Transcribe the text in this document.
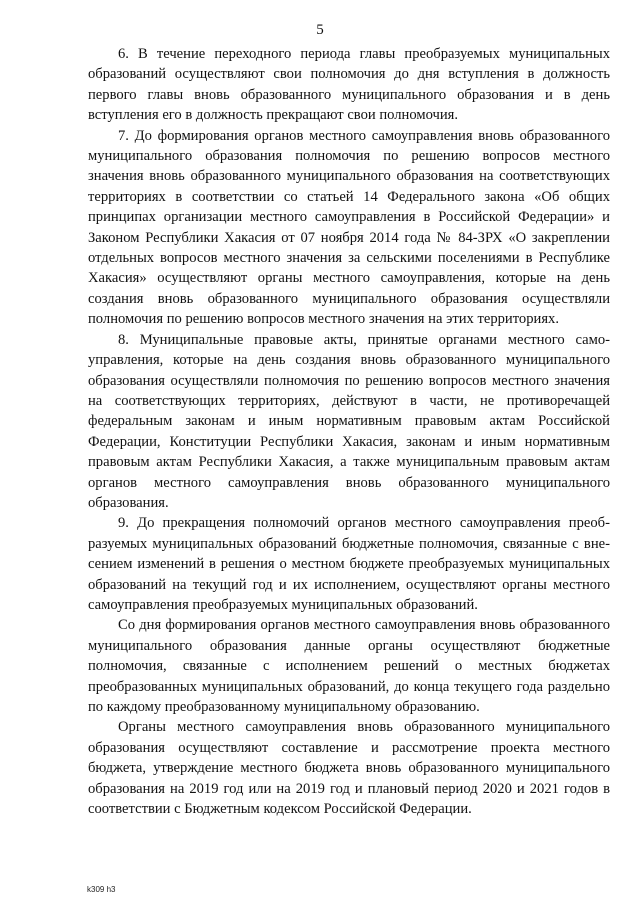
5

6. В течение переходного периода главы преобразуемых муниципальных образований осуществляют свои полномочия до дня вступления в должность первого главы вновь образованного муниципального образования и в день вступления его в должность прекращают свои полномочия.

7. До формирования органов местного самоуправления вновь образованного муниципального образования полномочия по решению вопросов местного значения вновь образованного муниципального образования на соответствующих территориях в соответствии со статьей 14 Федерального закона «Об общих принципах организации местного самоуправления в Российской Федерации» и Законом Республики Хакасия от 07 ноября 2014 года № 84-ЗРХ «О закреплении отдельных вопросов местного значения за сельскими поселениями в Республике Хакасия» осуществляют органы местного самоуправления, которые на день создания вновь образованного муниципального образования осуществляли полномочия по решению вопросов местного значения на этих территориях.

8. Муниципальные правовые акты, принятые органами местного самоуправления, которые на день создания вновь образованного муниципального образования осуществляли полномочия по решению вопросов местного значения на соответствующих территориях, действуют в части, не противоречащей федеральным законам и иным нормативным правовым актам Российской Федерации, Конституции Республики Хакасия, законам и иным нормативным правовым актам Республики Хакасия, а также муниципальным правовым актам органов местного самоуправления вновь образованного муниципального образования.

9. До прекращения полномочий органов местного самоуправления преобразуемых муниципальных образований бюджетные полномочия, связанные с внесением изменений в решения о местном бюджете преобразуемых муниципальных образований на текущий год и их исполнением, осуществляют органы местного самоуправления преобразуемых муниципальных образований.

Со дня формирования органов местного самоуправления вновь образованного муниципального образования данные органы осуществляют бюджетные полномочия, связанные с исполнением решений о местных бюджетах преобразованных муниципальных образований, до конца текущего года раздельно по каждому преобразованному муниципальному образованию.

Органы местного самоуправления вновь образованного муниципального образования осуществляют составление и рассмотрение проекта местного бюджета, утверждение местного бюджета вновь образованного муниципального образования на 2019 год или на 2019 год и плановый период 2020 и 2021 годов в соответствии с Бюджетным кодексом Российской Федерации.

k309 h3
